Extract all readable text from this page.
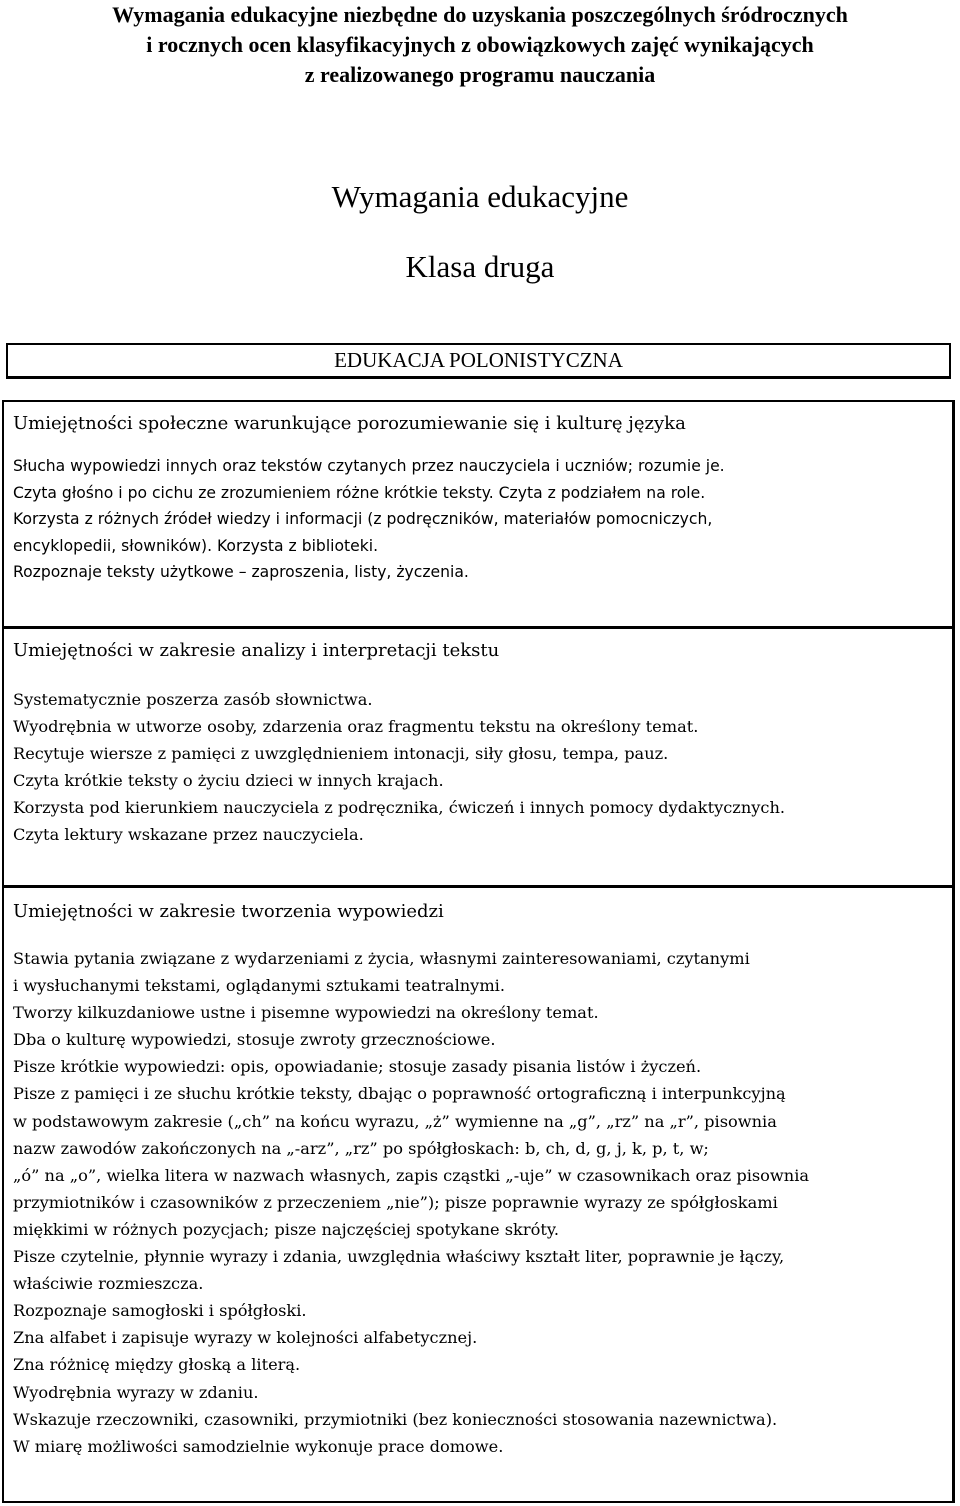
Wymagania edukacyjne niezbędne do uzyskania poszczególnych śródrocznych
i rocznych ocen klasyfikacyjnych z obowiązkowych zajęć wynikających
z realizowanego programu nauczania
Wymagania edukacyjne
Klasa druga
EDUKACJA POLONISTYCZNA
Umiejętności społeczne warunkujące porozumiewanie się i kulturę języka
Słucha wypowiedzi innych oraz tekstów czytanych przez nauczyciela i uczniów; rozumie je.
Czyta głośno i po cichu ze zrozumieniem różne krótkie teksty. Czyta z podziałem na role.
Korzysta z różnych źródeł wiedzy i informacji (z podręczników, materiałów pomocniczych,
encyklopedii, słowników). Korzysta z biblioteki.
Rozpoznaje teksty użytkowe – zaproszenia, listy, życzenia.
Umiejętności w zakresie analizy i interpretacji tekstu
Systematycznie poszerza zasób słownictwa.
Wyodrębnia w utworze osoby, zdarzenia oraz fragmentu tekstu na określony temat.
Recytuje wiersze z pamięci z uwzględnieniem intonacji, siły głosu, tempa, pauz.
Czyta krótkie teksty o życiu dzieci w innych krajach.
Korzysta pod kierunkiem nauczyciela z podręcznika, ćwiczeń i innych pomocy dydaktycznych.
Czyta lektury wskazane przez nauczyciela.
Umiejętności w zakresie tworzenia wypowiedzi
Stawia pytania związane z wydarzeniami z życia, własnymi zainteresowaniami, czytanymi
i wysłuchanymi tekstami, oglądanymi sztukami teatralnymi.
Tworzy kilkuzdaniowe ustne i pisemne wypowiedzi na określony temat.
Dba o kulturę wypowiedzi, stosuje zwroty grzecznościowe.
Pisze krótkie wypowiedzi: opis, opowiadanie; stosuje zasady pisania listów i życzeń.
Pisze z pamięci i ze słuchu krótkie teksty, dbając o poprawność ortograficzną i interpunkcyjną
w podstawowym zakresie („ch” na końcu wyrazu, „ż” wymienne na „g”, „rz” na „r”, pisownia
nazw zawodów zakończonych na „-arz”, „rz” po spółgłoskach: b, ch, d, g, j, k, p, t, w;
„ó” na „o”, wielka litera w nazwach własnych, zapis cząstki „-uje” w czasownikach oraz pisownia
przymiotników i czasowników z przeczeniem „nie”); pisze poprawnie wyrazy ze spółgłoskami
miękkimi w różnych pozycjach; pisze najczęściej spotykane skróty.
Pisze czytelnie, płynnie wyrazy i zdania, uwzględnia właściwy kształt liter, poprawnie je łączy,
właściwie rozmieszcza.
Rozpoznaje samogłoski i spółgłoski.
Zna alfabet i zapisuje wyrazy w kolejności alfabetycznej.
Zna różnicę między głoską a literą.
Wyodrębnia wyrazy w zdaniu.
Wskazuje rzeczowniki, czasowniki, przymiotniki (bez konieczności stosowania nazewnictwa).
W miarę możliwości samodzielnie wykonuje prace domowe.
